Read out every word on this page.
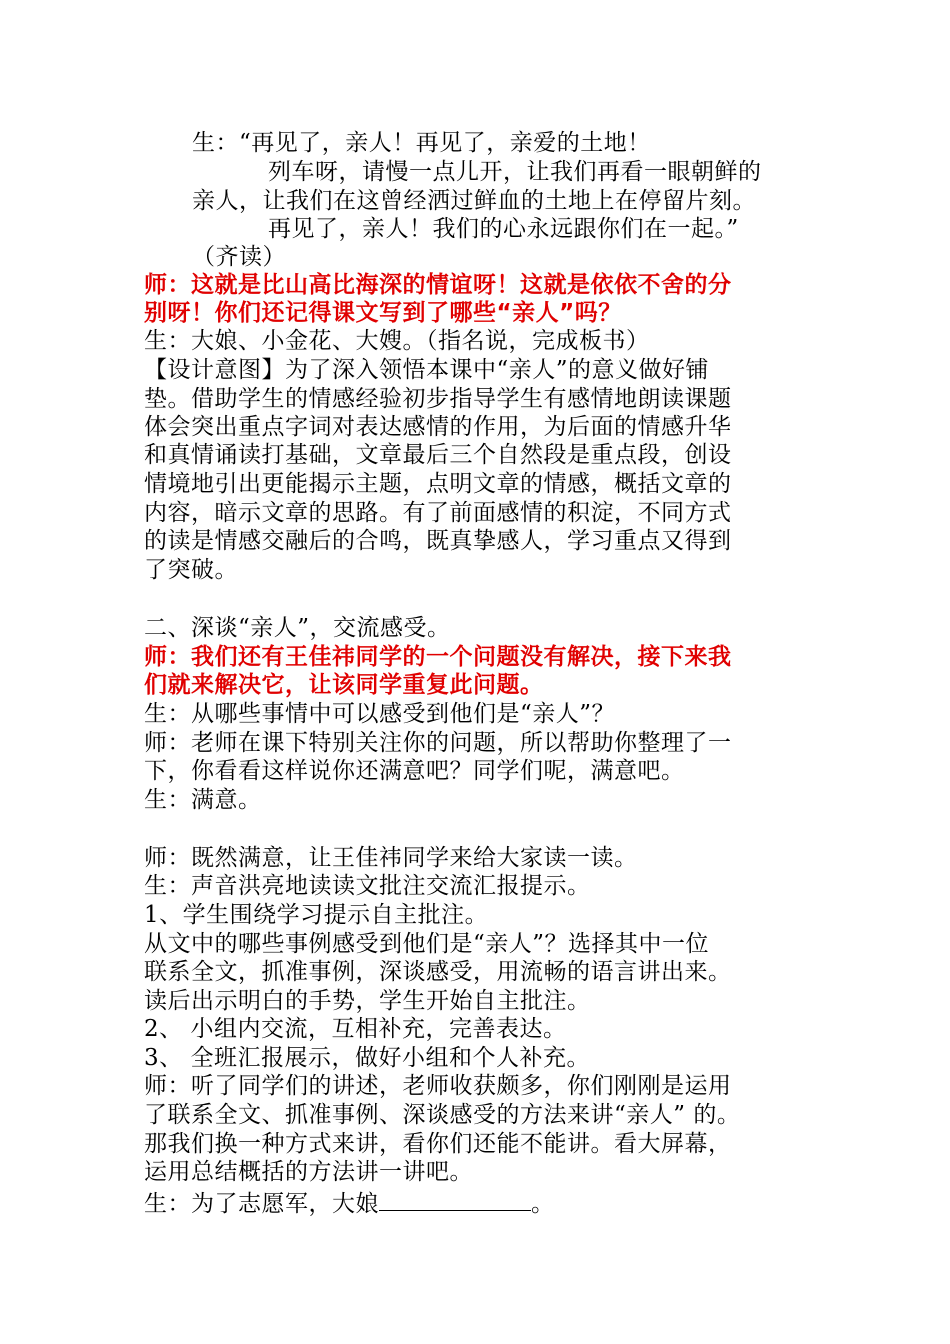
生：“再见了，亲人！再见了，亲爱的土地！
列车呀，请慢一点儿开，让我们再看一眼朝鲜的
亲人，让我们在这曾经洒过鲜血的土地上在停留片刻。
再见了，亲人！我们的心永远跟你们在一起。”
（齐读）
师：这就是比山高比海深的情谊呀！这就是依依不舍的分
别呀！你们还记得课文写到了哪些“亲人”吗？
生：大娘、小金花、大嫂。（指名说，完成板书）
【设计意图】为了深入领悟本课中“亲人”的意义做好铺
垫。借助学生的情感经验初步指导学生有感情地朗读课题
体会突出重点字词对表达感情的作用，为后面的情感升华
和真情诵读打基础，文章最后三个自然段是重点段，创设
情境地引出更能揭示主题，点明文章的情感，概括文章的
内容，暗示文章的思路。有了前面感情的积淀，不同方式
的读是情感交融后的合鸣，既真挚感人，学习重点又得到
了突破。
二、深谈“亲人”，交流感受。
师：我们还有王佳祎同学的一个问题没有解决，接下来我
们就来解决它，让该同学重复此问题。
生：从哪些事情中可以感受到他们是“亲人”？
师：老师在课下特别关注你的问题，所以帮助你整理了一
下，你看看这样说你还满意吧？同学们呢，满意吧。
生：满意。
师：既然满意，让王佳祎同学来给大家读一读。
生：声音洪亮地读读文批注交流汇报提示。
1、学生围绕学习提示自主批注。
从文中的哪些事例感受到他们是“亲人”？选择其中一位
联系全文，抓准事例，深谈感受，用流畅的语言讲出来。
读后出示明白的手势，学生开始自主批注。
2、 小组内交流，互相补充，完善表达。
3、 全班汇报展示，做好小组和个人补充。
师：听了同学们的讲述，老师收获颇多，你们刚刚是运用
了联系全文、抓准事例、深谈感受的方法来讲“亲人” 的。
那我们换一种方式来讲，看你们还能不能讲。看大屏幕，
运用总结概括的方法讲一讲吧。
生：为了志愿军，大娘	。
